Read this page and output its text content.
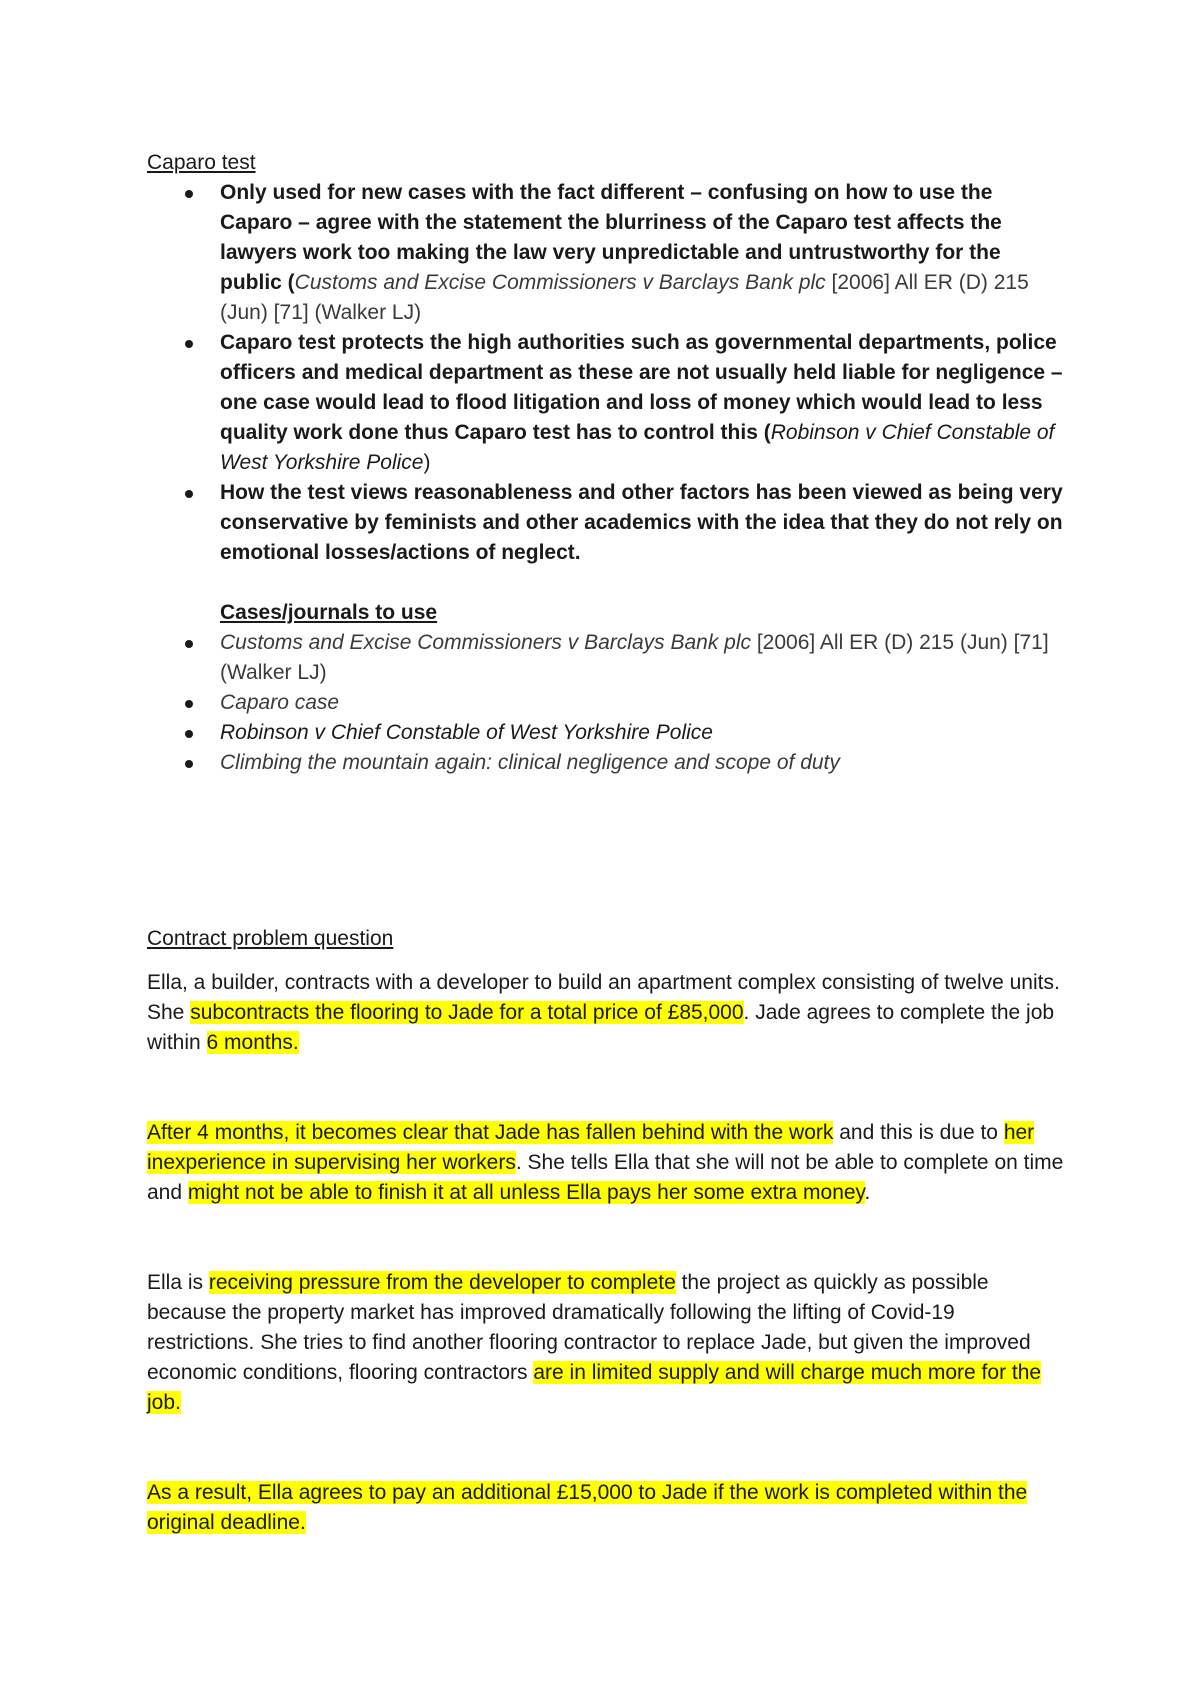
Caparo test

Only used for new cases with the fact different – confusing on how to use the Caparo – agree with the statement the blurriness of the Caparo test affects the lawyers work too making the law very unpredictable and untrustworthy for the public (Customs and Excise Commissioners v Barclays Bank plc [2006] All ER (D) 215 (Jun) [71] (Walker LJ)
Caparo test protects the high authorities such as governmental departments, police officers and medical department as these are not usually held liable for negligence – one case would lead to flood litigation and loss of money which would lead to less quality work done thus Caparo test has to control this (Robinson v Chief Constable of West Yorkshire Police)
How the test views reasonableness and other factors has been viewed as being very conservative by feminists and other academics with the idea that they do not rely on emotional losses/actions of neglect.

Cases/journals to use

Customs and Excise Commissioners v Barclays Bank plc [2006] All ER (D) 215 (Jun) [71] (Walker LJ)
Caparo case
Robinson v Chief Constable of West Yorkshire Police
Climbing the mountain again: clinical negligence and scope of duty

Contract problem question

Ella, a builder, contracts with a developer to build an apartment complex consisting of twelve units. She subcontracts the flooring to Jade for a total price of £85,000. Jade agrees to complete the job within 6 months.

After 4 months, it becomes clear that Jade has fallen behind with the work and this is due to her inexperience in supervising her workers. She tells Ella that she will not be able to complete on time and might not be able to finish it at all unless Ella pays her some extra money.

Ella is receiving pressure from the developer to complete the project as quickly as possible because the property market has improved dramatically following the lifting of Covid-19 restrictions. She tries to find another flooring contractor to replace Jade, but given the improved economic conditions, flooring contractors are in limited supply and will charge much more for the job.

As a result, Ella agrees to pay an additional £15,000 to Jade if the work is completed within the original deadline.
